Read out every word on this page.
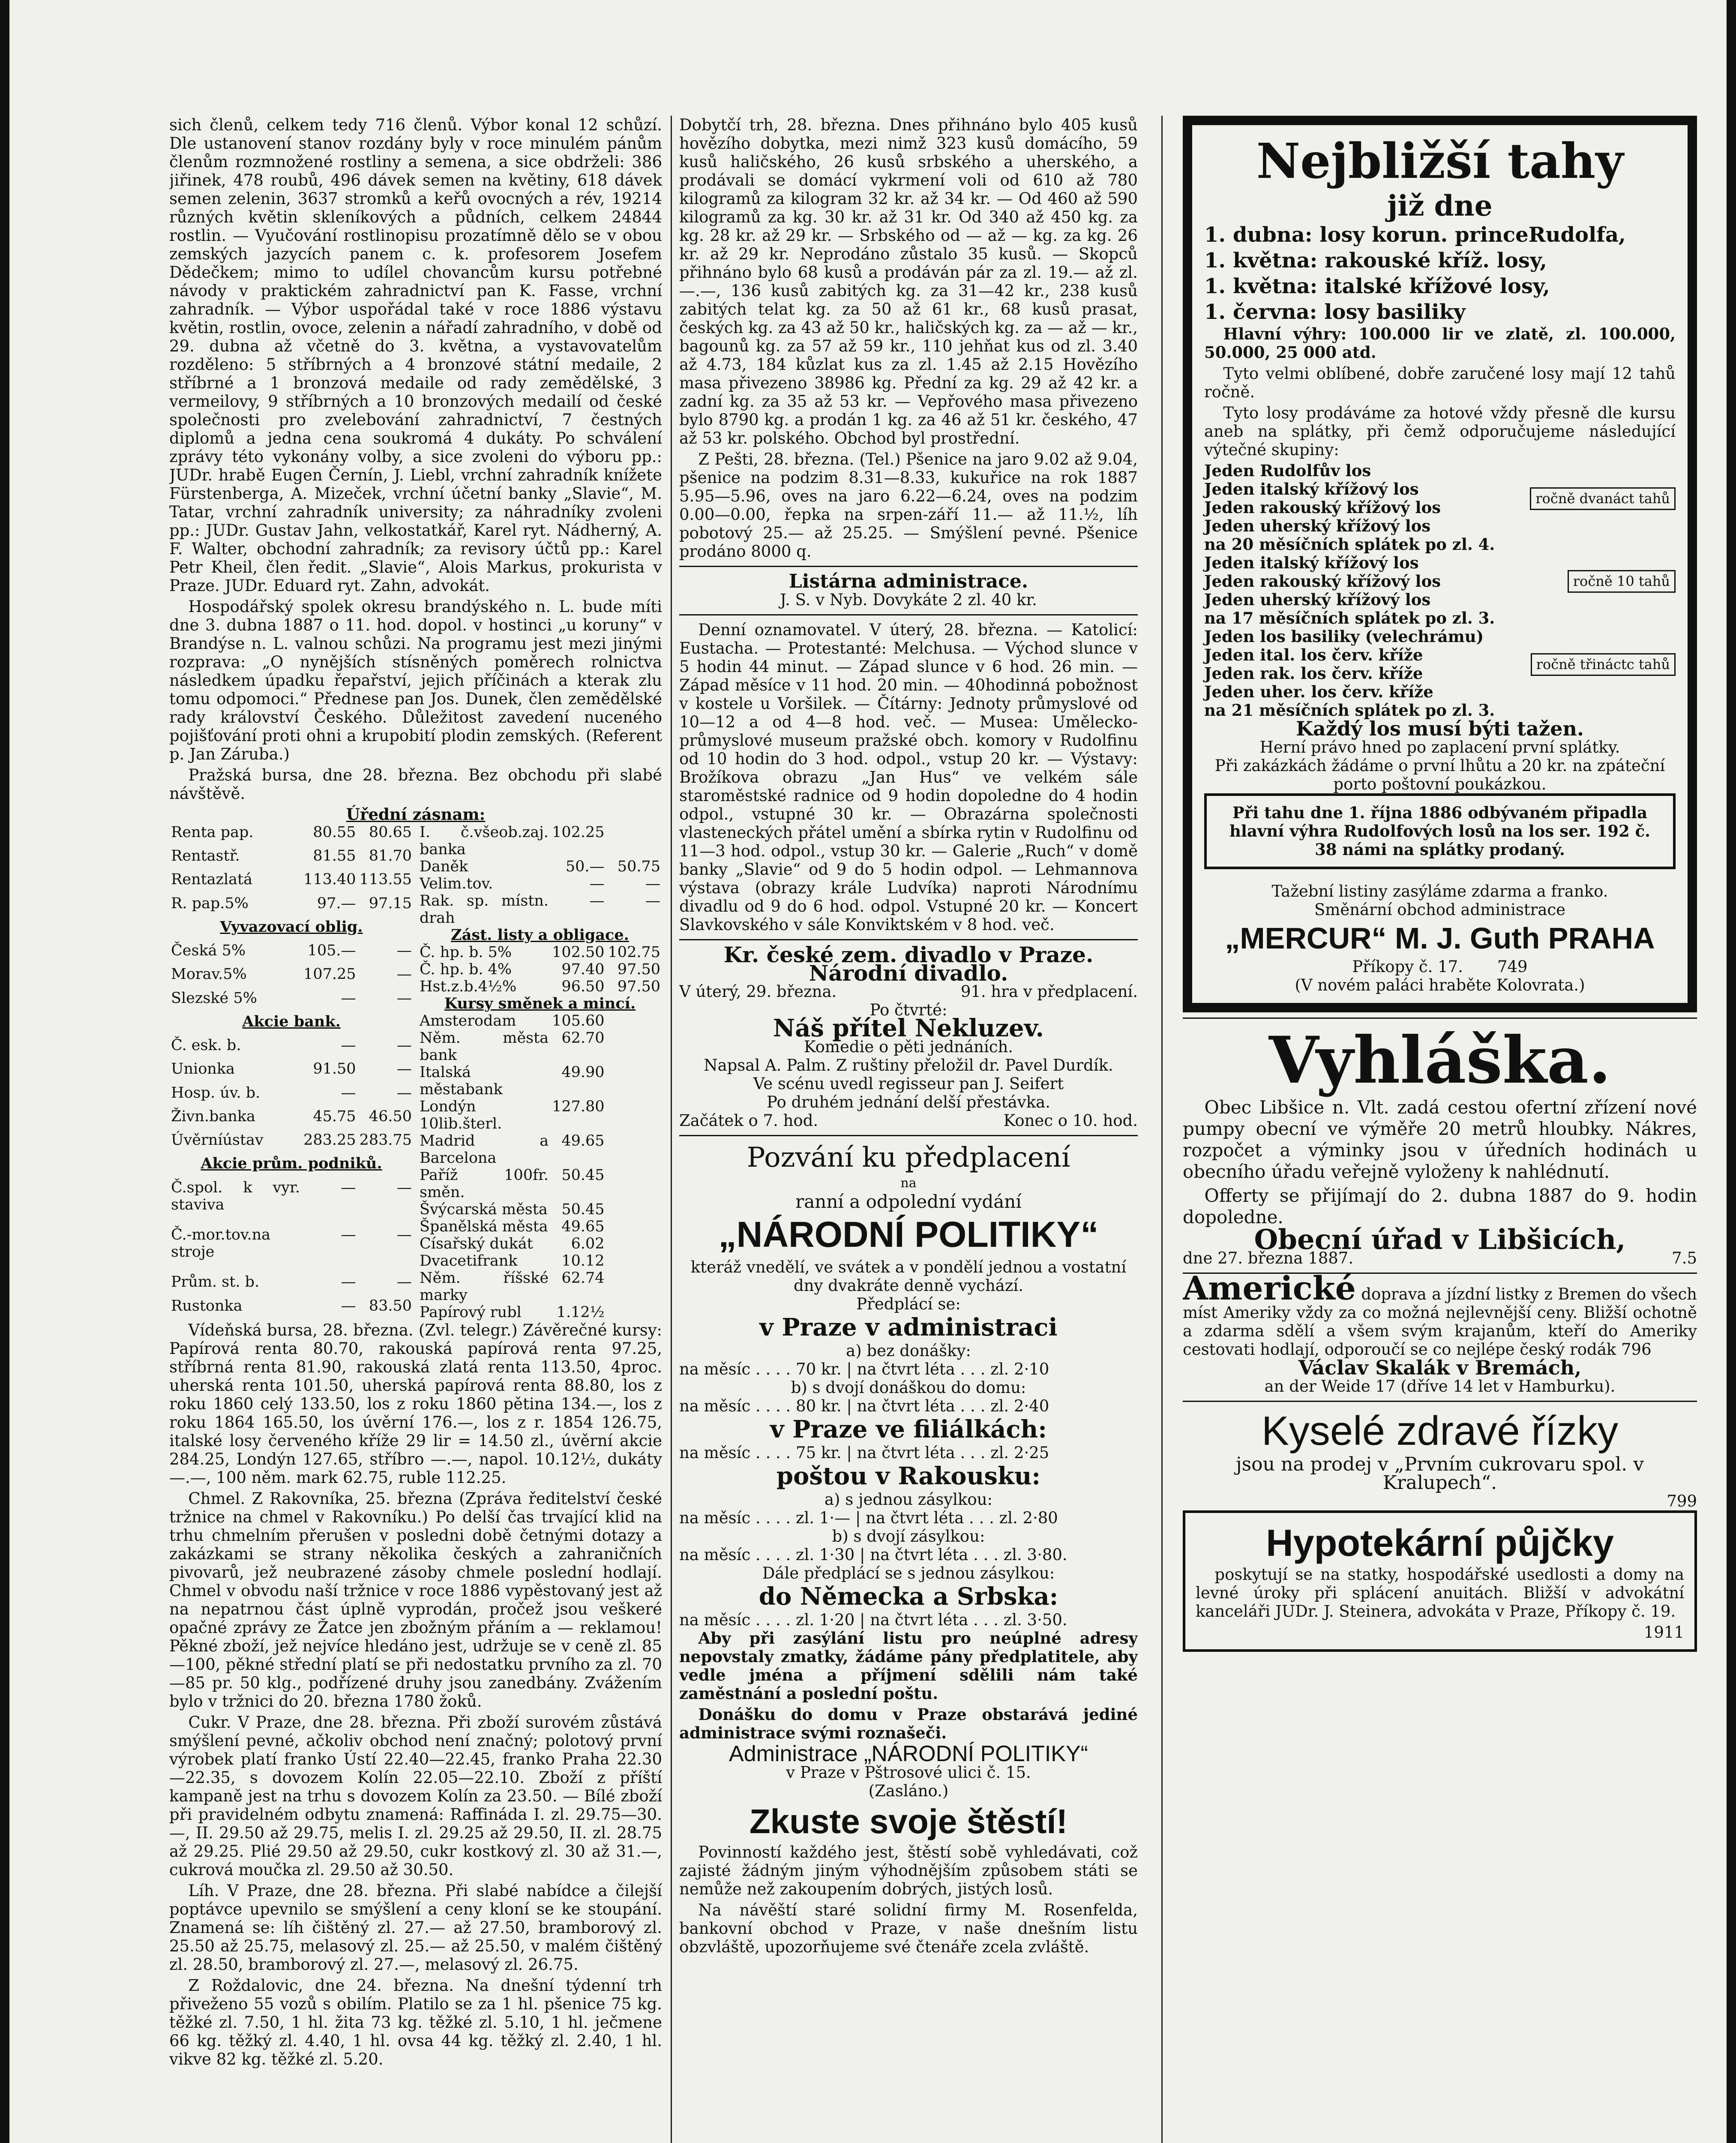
sich členů, celkem tedy 716 členů. Výbor konal 12 schůzí. Dle ustanovení stanov rozdány byly v roce minulém pánům členům rozmnožené rostliny a semena, a sice obdrželi: 386 jiřinek, 478 roubů, 496 dávek semen na květiny, 618 dávek semen zelenin, 3637 stromků a keřů ovocných a rév, 19214 různých květin skleníkových a půdních, celkem 24844 rostlin. — Vyučování rostlinopisu prozatímně dělo se v obou zemských jazycích panem c. k. profesorem Josefem Dědečkem; mimo to udílel chovancům kursu potřebné návody v praktickém zahradnictví pan K. Fasse, vrchní zahradník. — Výbor uspořádal také v roce 1886 výstavu květin, rostlin, ovoce, zelenin a nářadí zahradního, v době od 29. dubna až včetně do 3. května, a vystavovatelům rozděleno: 5 stříbrných a 4 bronzové státní medaile, 2 stříbrné a 1 bronzová medaile od rady zemědělské, 3 vermeilovy, 9 stříbrných a 10 bronzových medailí od české společnosti pro zvelebování zahradnictví, 7 čestných diplomů a jedna cena soukromá 4 dukáty. Po schválení zprávy této vykonány volby, a sice zvoleni do výboru pp.: JUDr. hrabě Eugen Černín, J. Liebl, vrchní zahradník knížete Fürstenberga, A. Mizeček, vrchní účetní banky „Slavie“, M. Tatar, vrchní zahradník university; za náhradníky zvoleni pp.: JUDr. Gustav Jahn, velkostatkář, Karel ryt. Nádherný, A. F. Walter, obchodní zahradník; za revisory účtů pp.: Karel Petr Kheil, člen ředit. „Slavie“, Alois Markus, prokurista v Praze. JUDr. Eduard ryt. Zahn, advokát.

Hospodářský spolek okresu brandýského n. L. bude míti dne 3. dubna 1887 o 11. hod. dopol. v hostinci „u koruny“ v Brandýse n. L. valnou schůzi. Na programu jest mezi jinými rozprava: „O nynějších stísněných poměrech rolnictva následkem úpadku řepařství, jejich příčinách a kterak zlu tomu odpomoci.“ Přednese pan Jos. Dunek, člen zemědělské rady království Českého. Důležitost zavedení nuceného pojišťování proti ohni a krupobití plodin zemských. (Referent p. Jan Záruba.)

Pražská bursa, dne 28. března. Bez obchodu při slabé návštěvě.

Úřední zásnam:
Renta pap.	80.55	80.65
Rentastř.	81.55	81.70
Rentazlatá	113.40	113.55
R. pap.5%	97.—	97.15
Vyvazovací oblig.		
Česká 5%	105.—	—
Morav.5%	107.25	—
Slezské 5%	—	—
Akcie bank.		
Č. esk. b.	—	—
Unionka	91.50	—
Hosp. úv. b.	—	—
Živn.banka	45.75	46.50
Úvěrníústav	283.25	283.75
Akcie prům. podniků.		
Č.spol. k vyr. staviva	—	—
Č.-mor.tov.na stroje	—	—
Prům. st. b.	—	—
Rustonka	—	83.50
I. č.všeob.zaj. banka	102.25	
Daněk	50.—	50.75
Velim.tov.	—	—
Rak. sp. místn. drah	—	—
Zást. listy a obligace.		
Č. hp. b. 5%	102.50	102.75
Č. hp. b. 4%	97.40	97.50
Hst.z.b.4½%	96.50	97.50
Kursy směnek a mincí.		
Amsterodam	105.60	
Něm. města bank	62.70	
Italská městabank	49.90	
Londýn 10lib.šterl.	127.80	
Madrid a Barcelona	49.65	
Paříž 100fr. směn.	50.45	
Švýcarská města	50.45	
Španělská města	49.65	
Císařský dukát	6.02	
Dvacetifrank	10.12	
Něm. říšské marky	62.74	
Papírový rubl	1.12½	

Vídeňská bursa, 28. března. (Zvl. telegr.) Závěrečné kursy: Papírová renta 80.70, rakouská papírová renta 97.25, stříbrná renta 81.90, rakouská zlatá renta 113.50, 4proc. uherská renta 101.50, uherská papírová renta 88.80, los z roku 1860 celý 133.50, los z roku 1860 pětina 134.—, los z roku 1864 165.50, los úvěrní 176.—, los z r. 1854 126.75, italské losy červeného kříže 29 lir = 14.50 zl., úvěrní akcie 284.25, Londýn 127.65, stříbro —.—, napol. 10.12½, dukáty —.—, 100 něm. mark 62.75, ruble 112.25.

Chmel. Z Rakovníka, 25. března (Zpráva ředitelství české tržnice na chmel v Rakovníku.) Po delší čas trvající klid na trhu chmelním přerušen v posledni době četnými dotazy a zakázkami se strany několika českých a zahraničních pivovarů, jež neubrazené zásoby chmele poslední hodlají. Chmel v obvodu naší tržnice v roce 1886 vypěstovaný jest až na nepatrnou část úplně vyprodán, pročež jsou veškeré opačné zprávy ze Žatce jen zbožným přáním a — reklamou! Pěkné zboží, jež nejvíce hledáno jest, udržuje se v ceně zl. 85—100, pěkné střední platí se při nedostatku prvního za zl. 70—85 pr. 50 klg., podřízené druhy jsou zanedbány. Zvážením bylo v tržnici do 20. března 1780 žoků.

Cukr. V Praze, dne 28. března. Při zboží surovém zůstává smýšlení pevné, ačkoliv obchod není značný; polotový první výrobek platí franko Ústí 22.40—22.45, franko Praha 22.30—22.35, s dovozem Kolín 22.05—22.10. Zboží z příští kampaně jest na trhu s dovozem Kolín za 23.50. — Bílé zboží při pravidelném odbytu znamená: Raffináda I. zl. 29.75—30.—, II. 29.50 až 29.75, melis I. zl. 29.25 až 29.50, II. zl. 28.75 až 29.25. Plié 29.50 až 29.50, cukr kostkový zl. 30 až 31.—, cukrová moučka zl. 29.50 až 30.50.

Líh. V Praze, dne 28. března. Při slabé nabídce a čilejší poptávce upevnilo se smýšlení a ceny kloní se ke stoupání. Znamená se: líh čištěný zl. 27.— až 27.50, bramborový zl. 25.50 až 25.75, melasový zl. 25.— až 25.50, v malém čištěný zl. 28.50, bramborový zl. 27.—, melasový zl. 26.75.

Z Roždalovic, dne 24. března. Na dnešní týdenní trh přiveženo 55 vozů s obilím. Platilo se za 1 hl. pšenice 75 kg. těžké zl. 7.50, 1 hl. žita 73 kg. těžké zl. 5.10, 1 hl. ječmene 66 kg. těžký zl. 4.40, 1 hl. ovsa 44 kg. těžký zl. 2.40, 1 hl. vikve 82 kg. těžké zl. 5.20.

Dobytčí trh, 28. března. Dnes přihnáno bylo 405 kusů hovězího dobytka, mezi nimž 323 kusů domácího, 59 kusů haličského, 26 kusů srbského a uherského, a prodávali se domácí vykrmení voli od 610 až 780 kilogramů za kilogram 32 kr. až 34 kr. — Od 460 až 590 kilogramů za kg. 30 kr. až 31 kr. Od 340 až 450 kg. za kg. 28 kr. až 29 kr. — Srbského od — až — kg. za kg. 26 kr. až 29 kr. Neprodáno zůstalo 35 kusů. — Skopců přihnáno bylo 68 kusů a prodáván pár za zl. 19.— až zl. —.—, 136 kusů zabitých kg. za 31—42 kr., 238 kusů zabitých telat kg. za 50 až 61 kr., 68 kusů prasat, českých kg. za 43 až 50 kr., haličských kg. za — až — kr., bagounů kg. za 57 až 59 kr., 110 jehňat kus od zl. 3.40 až 4.73, 184 kůzlat kus za zl. 1.45 až 2.15 Hovězího masa přivezeno 38986 kg. Přední za kg. 29 až 42 kr. a zadní kg. za 35 až 53 kr. — Vepřového masa přivezeno bylo 8790 kg. a prodán 1 kg. za 46 až 51 kr. českého, 47 až 53 kr. polského. Obchod byl prostřední.

Z Pešti, 28. března. (Tel.) Pšenice na jaro 9.02 až 9.04, pšenice na podzim 8.31—8.33, kukuřice na rok 1887 5.95—5.96, oves na jaro 6.22—6.24, oves na podzim 0.00—0.00, řepka na srpen-září 11.— až 11.½, líh pobotový 25.— až 25.25. — Smýšlení pevné. Pšenice prodáno 8000 q.

Listárna administrace.
J. S. v Nyb. Dovykáte 2 zl. 40 kr.

Denní oznamovatel. V úterý, 28. března. — Katolicí: Eustacha. — Protestanté: Melchusa. — Východ slunce v 5 hodin 44 minut. — Západ slunce v 6 hod. 26 min. — Západ měsíce v 11 hod. 20 min. — 40hodinná pobožnost v kostele u Voršilek. — Čítárny: Jednoty průmyslové od 10—12 a od 4—8 hod. več. — Musea: Umělecko-průmyslové museum pražské obch. komory v Rudolfinu od 10 hodin do 3 hod. odpol., vstup 20 kr. — Výstavy: Brožíkova obrazu „Jan Hus“ ve velkém sále staroměstské radnice od 9 hodin dopoledne do 4 hodin odpol., vstupné 30 kr. — Obrazárna společnosti vlasteneckých přátel umění a sbírka rytin v Rudolfinu od 11—3 hod. odpol., vstup 30 kr. — Galerie „Ruch“ v domě banky „Slavie“ od 9 do 5 hodin odpol. — Lehmannova výstava (obrazy krále Ludvíka) naproti Národnímu divadlu od 9 do 6 hod. odpol. Vstupné 20 kr. — Koncert Slavkovského v sále Konviktském v 8 hod. več.

Kr. české zem. divadlo v Praze.
Národní divadlo.
V úterý, 29. března.	91. hra v předplacení.
Po čtvrté:
Náš přítel Nekluzev.
Komedie o pěti jednáních.
Napsal A. Palm. Z ruštiny přeložil dr. Pavel Durdík.
Ve scénu uvedl regisseur pan J. Seifert
Po druhém jednání delší přestávka.
Začátek o 7. hod.	Konec o 10. hod.
Pozvání ku předplacení
na
ranní a odpolední vydání
„NÁRODNÍ POLITIKY“
kteráž vnedělí, ve svátek a v pondělí jednou a vostatní dny dvakráte denně vychází.
Předplácí se:
v Praze v administraci
a) bez donášky:
na měsíc . . . . 70 kr. | na čtvrt léta . . . zl. 2·10
b) s dvojí donáškou do domu:
na měsíc . . . . 80 kr. | na čtvrt léta . . . zl. 2·40
v Praze ve filiálkách:
na měsíc . . . . 75 kr. | na čtvrt léta . . . zl. 2·25
poštou v Rakousku:
a) s jednou zásylkou:
na měsíc . . . . zl. 1·— | na čtvrt léta . . . zl. 2·80
b) s dvojí zásylkou:
na měsíc . . . . zl. 1·30 | na čtvrt léta . . . zl. 3·80.
Dále předplácí se s jednou zásylkou:
do Německa a Srbska:
na měsíc . . . . zl. 1·20 | na čtvrt léta . . . zl. 3·50.

Aby při zasýlání listu pro neúplné adresy nepovstaly zmatky, žádáme pány předplatitele, aby vedle jména a příjmení sdělili nám také zaměstnání a poslední poštu.

Donášku do domu v Praze obstarává jediné administrace svými roznašeči.

Administrace „NÁRODNÍ POLITIKY“
v Praze v Pštrosové ulici č. 15.
(Zasláno.)
Zkuste svoje štěstí!

Povinností každého jest, štěstí sobě vyhledávati, což zajisté žádným jiným výhodnějším způsobem státi se nemůže než zakoupením dobrých, jistých losů.

Na návěští staré solidní firmy M. Rosenfelda, bankovní obchod v Praze, v naše dnešním listu obzvláště, upozorňujeme své čtenáře zcela zvláště.

Nejbližší tahy
již dne
1. dubna: losy korun. princeRudolfa,
1. května: rakouské kříž. losy,
1. května: italské křížové losy,
1. června: losy basiliky

Hlavní výhry: 100.000 lir ve zlatě, zl. 100.000, 50.000, 25 000 atd.

Tyto velmi oblíbené, dobře zaručené losy mají 12 tahů ročně.

Tyto losy prodáváme za hotové vždy přesně dle kursu aneb na splátky, při čemž odporučujeme následující výtečné skupiny:

Jeden Rudolfův los
Jeden italský křížový los
Jeden rakouský křížový los
Jeden uherský křížový los
ročně dvanáct tahů
na 20 měsíčních splátek po zl. 4.
Jeden italský křížový los
Jeden rakouský křížový los
Jeden uherský křížový los
ročně 10 tahů
na 17 měsíčních splátek po zl. 3.
Jeden los basiliky (velechrámu)
Jeden ital. los červ. kříže
Jeden rak. los červ. kříže
Jeden uher. los červ. kříže
ročně třináctc tahů
na 21 měsíčních splátek po zl. 3.
Každý los musí býti tažen.
Herní právo hned po zaplacení první splátky.
Při zakázkách žádáme o první lhůtu a 20 kr. na zpáteční porto poštovní poukázkou.
Při tahu dne 1. října 1886 odbývaném připadla hlavní výhra Rudolfových losů na los ser. 192 č. 38 námi na splátky prodaný.
Tažební listiny zasýláme zdarma a franko.
Směnární obchod administrace
„MERCUR“ M. J. Guth PRAHA
Příkopy č. 17. 749
(V novém paláci hraběte Kolovrata.)
Vyhláška.

Obec Libšice n. Vlt. zadá cestou ofertní zřízení nové pumpy obecní ve výměře 20 metrů hloubky. Nákres, rozpočet a výminky jsou v úředních hodinách u obecního úřadu veřejně vyloženy k nahlédnutí.

Offerty se přijímají do 2. dubna 1887 do 9. hodin dopoledne.

Obecní úřad v Libšicích,
dne 27. března 1887.	7.5
Americké doprava a jízdní listky z Bremen do všech míst Ameriky vždy za co možná nejlevnější ceny. Bližší ochotně a zdarma sdělí a všem svým krajanům, kteří do Ameriky cestovati hodlají, odporoučí se co nejlépe český rodák 796
Václav Skalák v Bremách,
an der Weide 17 (dříve 14 let v Hamburku).
Kyselé zdravé řízky
jsou na prodej v „Prvním cukrovaru spol. v Kralupech“.
799
Hypotekární půjčky

poskytují se na statky, hospodářské usedlosti a domy na levné úroky při splácení anuitách. Bližší v advokátní kanceláři JUDr. J. Steinera, advokáta v Praze, Příkopy č. 19.

1911
